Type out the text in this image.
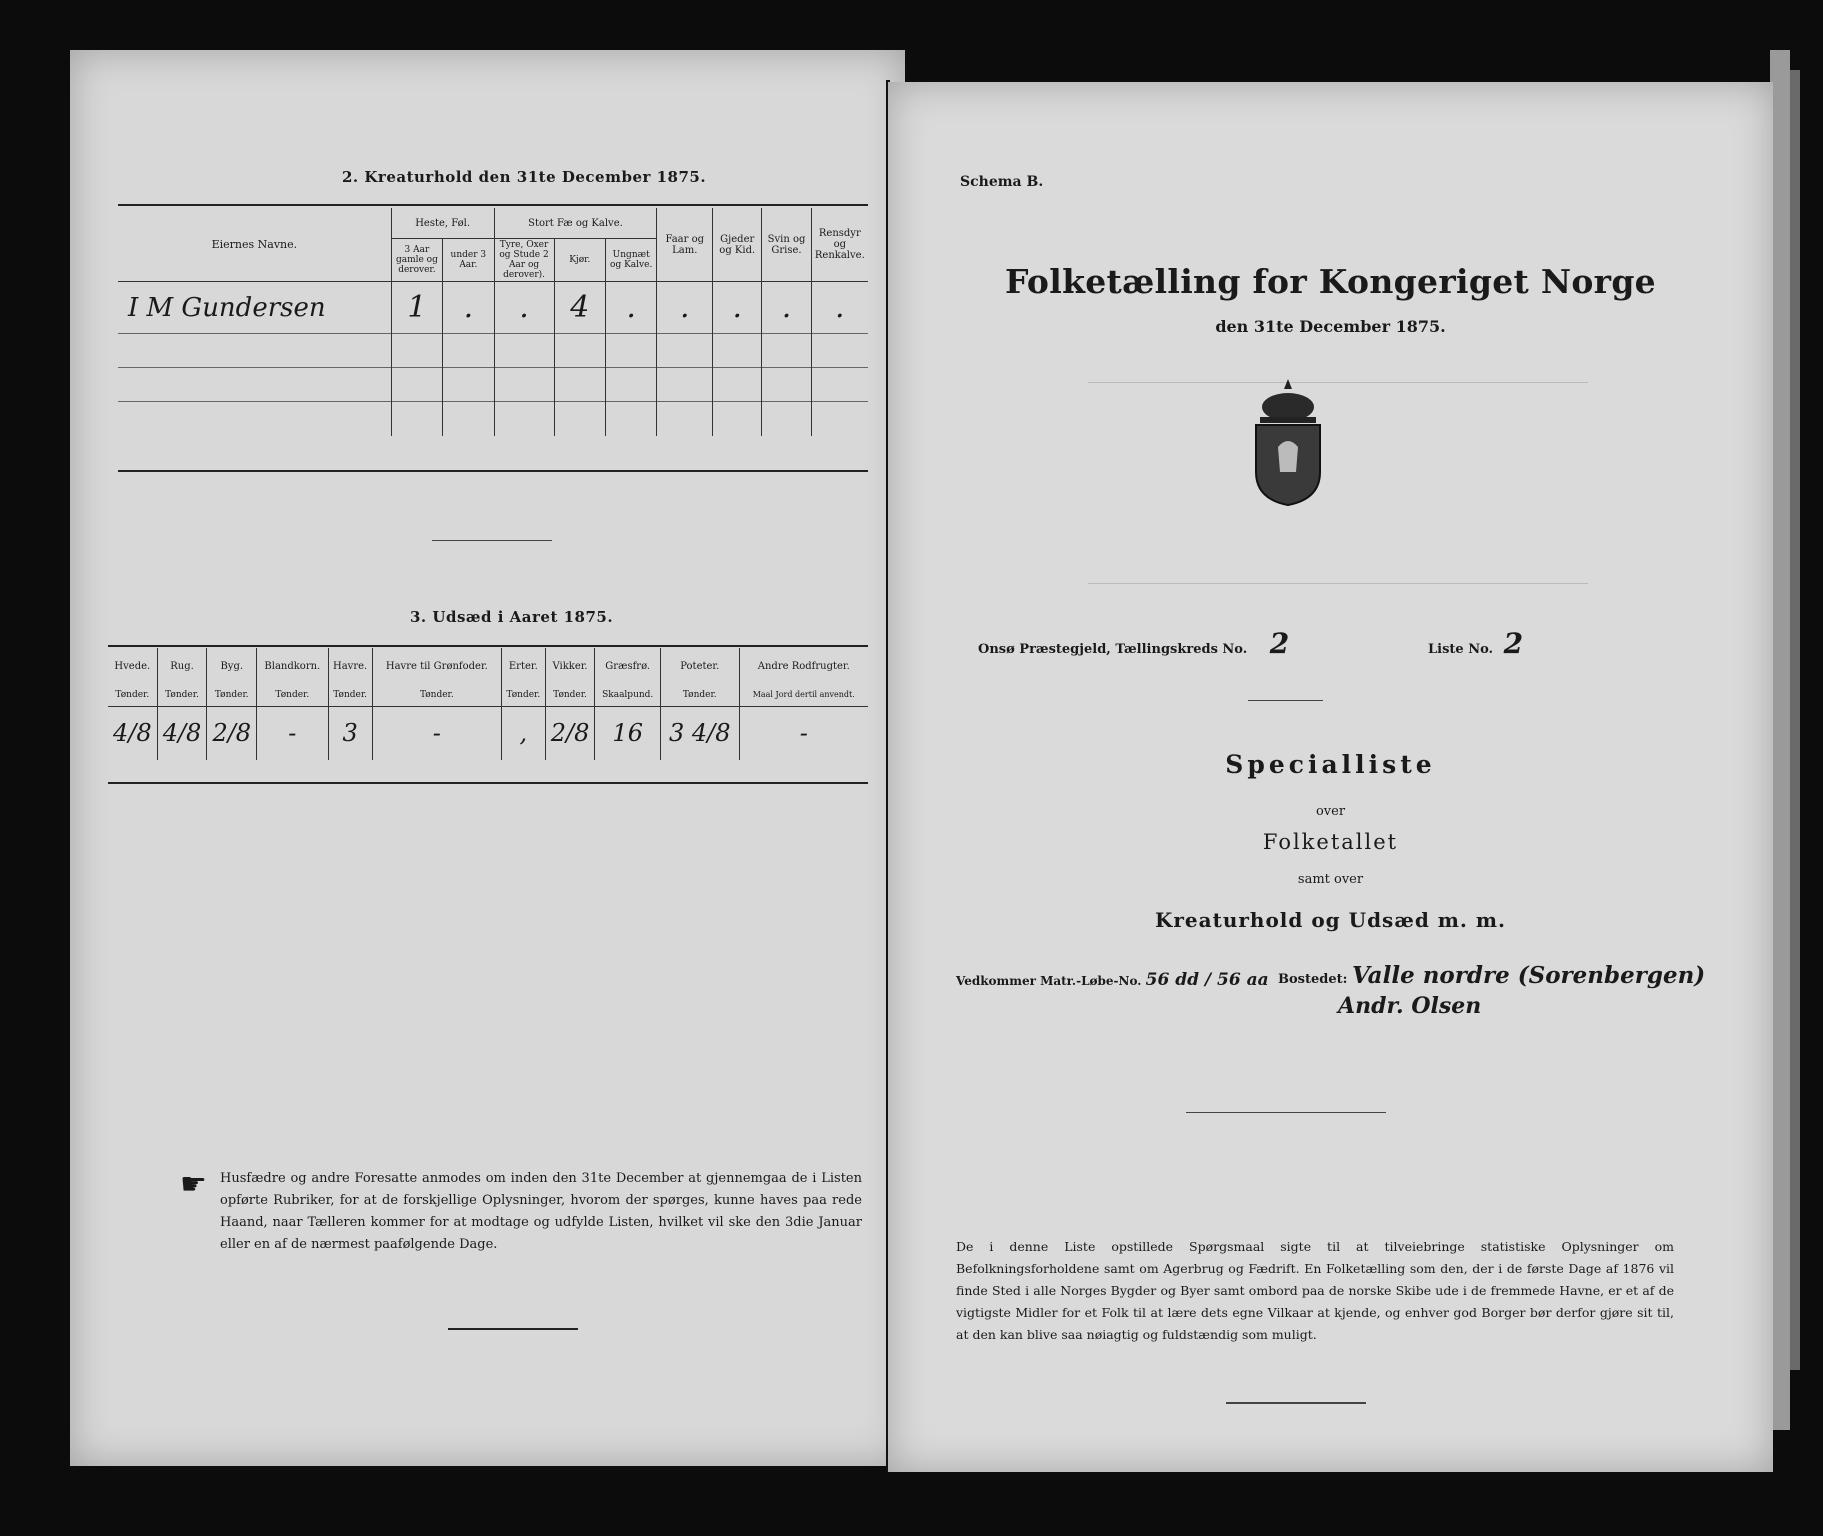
2. Kreaturhold den 31te December 1875.
Eiernes Navne.	Heste, Føl.		Stort Fæ og Kalve.			Faar og Lam.	Gjeder og Kid.	Svin og Grise.	Rensdyr og Renkalve.
	3 Aar gamle og derover.	under 3 Aar.	Tyre, Oxer og Stude 2 Aar og derover).	Kjør.	Ungnæt og Kalve.				
I M Gundersen	1	.	.	4	.	.	.	.	.

3. Udsæd i Aaret 1875.
Hvede.	Rug.	Byg.	Blandkorn.	Havre.	Havre til Grønfoder.	Erter.	Vikker.	Græsfrø.	Poteter.	Andre Rodfrugter.
Tønder.	Tønder.	Tønder.	Tønder.	Tønder.	Tønder.	Tønder.	Tønder.	Skaalpund.	Tønder.	Maal Jord dertil anvendt.
4/8	4/8	2/8	-	3	-	,	2/8	16	3 4/8	-
☛ Husfædre og andre Foresatte anmodes om inden den 31te December at gjennemgaa de i Listen opførte Rubriker, for at de forskjellige Oplysninger, hvorom der spørges, kunne haves paa rede Haand, naar Tælleren kommer for at modtage og udfylde Listen, hvilket vil ske den 3die Januar eller en af de nærmest paafølgende Dage.
Schema B.
Folketælling for Kongeriget Norge
den 31te December 1875.
Onsø Præstegjeld, Tællingskreds No. 2	Liste No. 2
Specialliste
over
Folketallet
samt over
Kreaturhold og Udsæd m. m.
Vedkommer Matr.-Løbe-No. 56 dd / 56 aa Bostedet: Valle nordre (Sorenbergen)
Andr. Olsen
De i denne Liste opstillede Spørgsmaal sigte til at tilveiebringe statistiske Oplysninger om Befolkningsforholdene samt om Agerbrug og Fædrift. En Folketælling som den, der i de første Dage af 1876 vil finde Sted i alle Norges Bygder og Byer samt ombord paa de norske Skibe ude i de fremmede Havne, er et af de vigtigste Midler for et Folk til at lære dets egne Vilkaar at kjende, og enhver god Borger bør derfor gjøre sit til, at den kan blive saa nøiagtig og fuldstændig som muligt.
